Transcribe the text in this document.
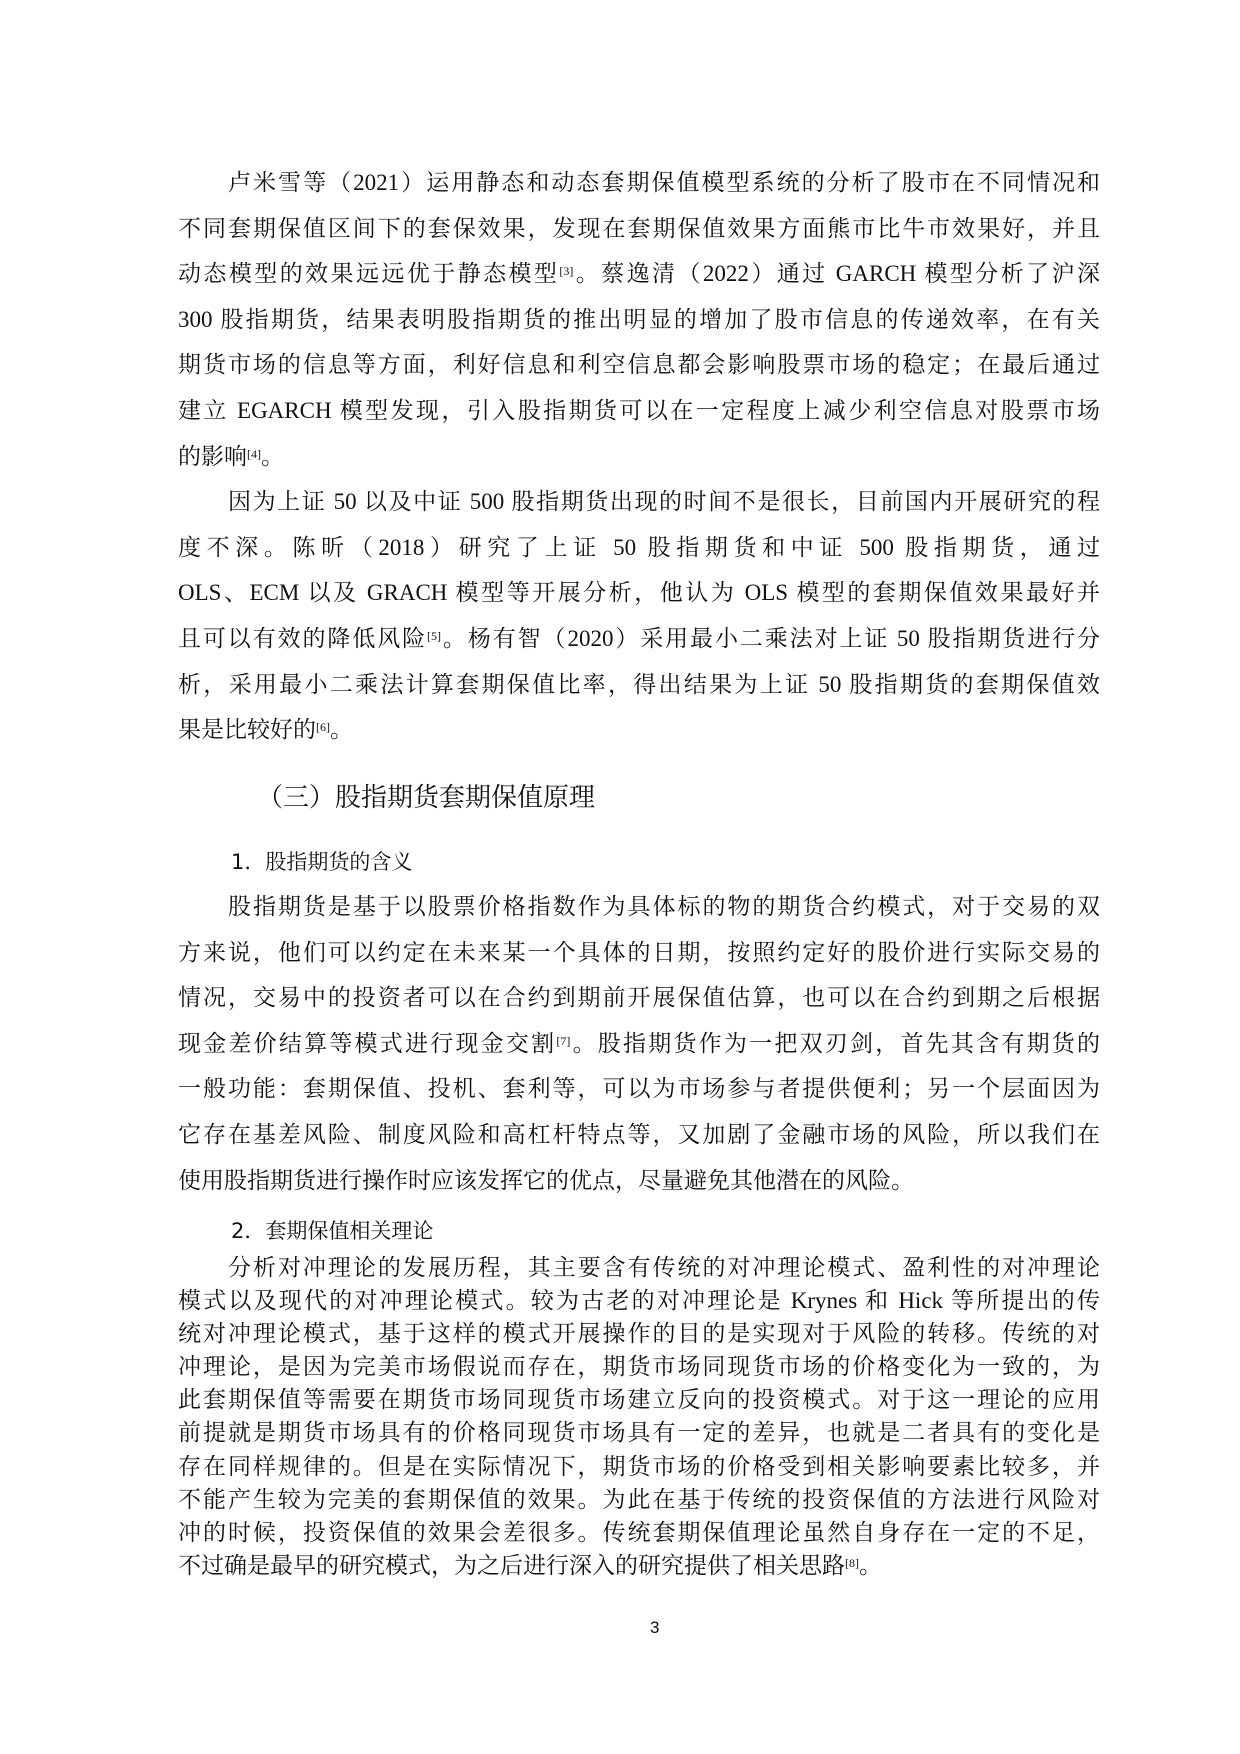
卢米雪等（2021）运用静态和动态套期保值模型系统的分析了股市在不同情况和
不同套期保值区间下的套保效果，发现在套期保值效果方面熊市比牛市效果好，并且
动态模型的效果远远优于静态模型[3]。蔡逸清（2022）通过 GARCH 模型分析了沪深
300 股指期货，结果表明股指期货的推出明显的增加了股市信息的传递效率，在有关
期货市场的信息等方面，利好信息和利空信息都会影响股票市场的稳定；在最后通过
建立 EGARCH 模型发现，引入股指期货可以在一定程度上减少利空信息对股票市场
的影响[4]。
因为上证 50 以及中证 500 股指期货出现的时间不是很长，目前国内开展研究的程
度不深。陈昕（2018）研究了上证 50 股指期货和中证 500 股指期货，通过
OLS、ECM 以及 GRACH 模型等开展分析，他认为 OLS 模型的套期保值效果最好并
且可以有效的降低风险[5]。杨有智（2020）采用最小二乘法对上证 50 股指期货进行分
析，采用最小二乘法计算套期保值比率，得出结果为上证 50 股指期货的套期保值效
果是比较好的[6]。
（三）股指期货套期保值原理
1．股指期货的含义
股指期货是基于以股票价格指数作为具体标的物的期货合约模式，对于交易的双
方来说，他们可以约定在未来某一个具体的日期，按照约定好的股价进行实际交易的
情况，交易中的投资者可以在合约到期前开展保值估算，也可以在合约到期之后根据
现金差价结算等模式进行现金交割[7]。股指期货作为一把双刃剑，首先其含有期货的
一般功能：套期保值、投机、套利等，可以为市场参与者提供便利；另一个层面因为
它存在基差风险、制度风险和高杠杆特点等，又加剧了金融市场的风险，所以我们在
使用股指期货进行操作时应该发挥它的优点，尽量避免其他潜在的风险。
2．套期保值相关理论
分析对冲理论的发展历程，其主要含有传统的对冲理论模式、盈利性的对冲理论
模式以及现代的对冲理论模式。较为古老的对冲理论是 Krynes 和 Hick 等所提出的传
统对冲理论模式，基于这样的模式开展操作的目的是实现对于风险的转移。传统的对
冲理论，是因为完美市场假说而存在，期货市场同现货市场的价格变化为一致的，为
此套期保值等需要在期货市场同现货市场建立反向的投资模式。对于这一理论的应用
前提就是期货市场具有的价格同现货市场具有一定的差异，也就是二者具有的变化是
存在同样规律的。但是在实际情况下，期货市场的价格受到相关影响要素比较多，并
不能产生较为完美的套期保值的效果。为此在基于传统的投资保值的方法进行风险对
冲的时候，投资保值的效果会差很多。传统套期保值理论虽然自身存在一定的不足，
不过确是最早的研究模式，为之后进行深入的研究提供了相关思路[8]。
3
